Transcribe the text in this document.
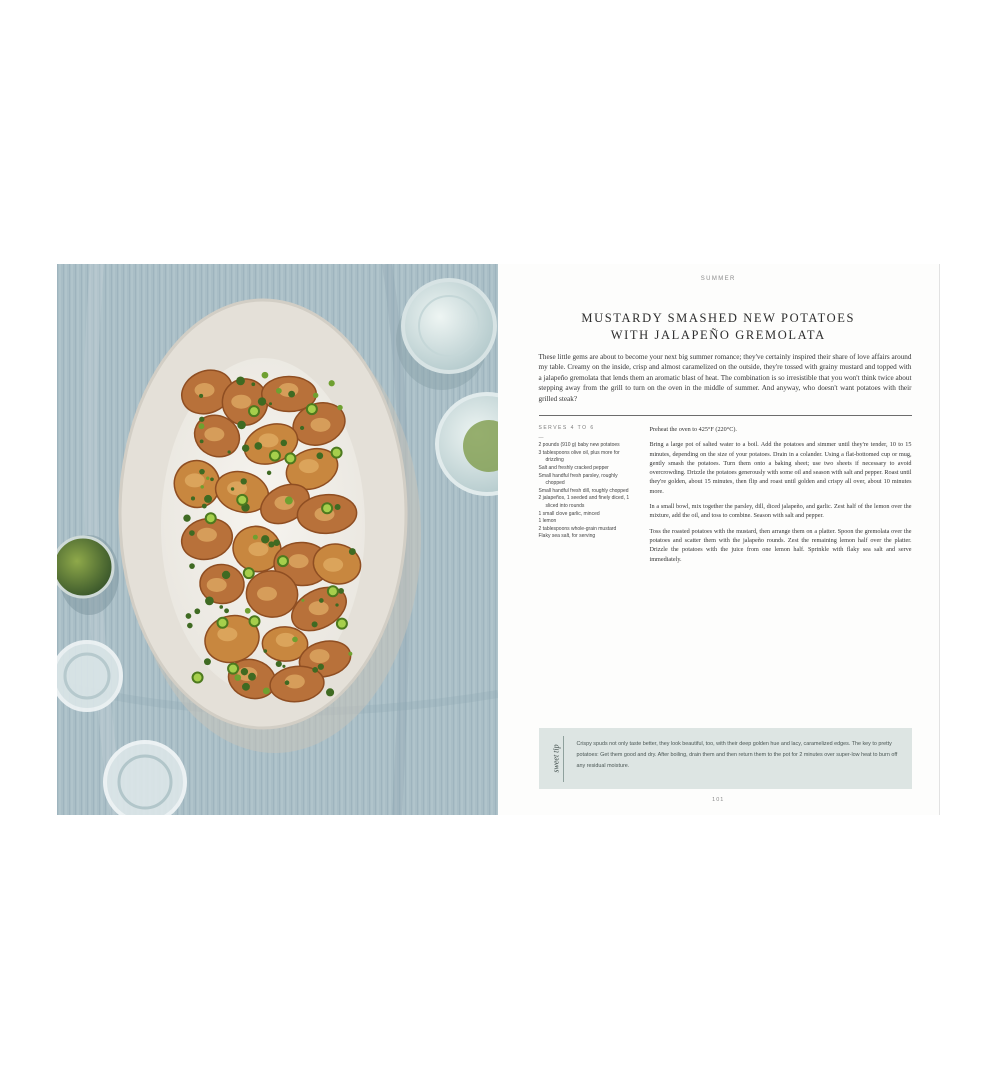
SUMMER
MUSTARDY SMASHED NEW POTATOES
WITH JALAPEÑO GREMOLATA

These little gems are about to become your next big summer romance; they've certainly inspired their share of love affairs around my table. Creamy on the inside, crisp and almost caramelized on the outside, they're tossed with grainy mustard and topped with a jalapeño gremolata that lends them an aromatic blast of heat. The combination is so irresistible that you won't think twice about stepping away from the grill to turn on the oven in the middle of summer. And anyway, who doesn't want potatoes with their grilled steak?

SERVES 4 TO 6
—
2 pounds (910 g) baby new potatoes
3 tablespoons olive oil, plus more for drizzling
Salt and freshly cracked pepper
Small handful fresh parsley, roughly chopped
Small handful fresh dill, roughly chopped
2 jalapeños, 1 seeded and finely diced, 1 sliced into rounds
1 small clove garlic, minced
1 lemon
2 tablespoons whole-grain mustard
Flaky sea salt, for serving

Preheat the oven to 425°F (220°C).

Bring a large pot of salted water to a boil. Add the potatoes and simmer until they're tender, 10 to 15 minutes, depending on the size of your potatoes. Drain in a colander. Using a flat-bottomed cup or mug, gently smash the potatoes. Turn them onto a baking sheet; use two sheets if necessary to avoid overcrowding. Drizzle the potatoes generously with some oil and season with salt and pepper. Roast until they're golden, about 15 minutes, then flip and roast until golden and crispy all over, about 10 minutes more.

In a small bowl, mix together the parsley, dill, diced jalapeño, and garlic. Zest half of the lemon over the mixture, add the oil, and toss to combine. Season with salt and pepper.

Toss the roasted potatoes with the mustard, then arrange them on a platter. Spoon the gremolata over the potatoes and scatter them with the jalapeño rounds. Zest the remaining lemon half over the platter. Drizzle the potatoes with the juice from one lemon half. Sprinkle with flaky sea salt and serve immediately.

sweet tip
Crispy spuds not only taste better, they look beautiful, too, with their deep golden hue and lacy, caramelized edges. The key to pretty potatoes: Get them good and dry. After boiling, drain them and then return them to the pot for 2 minutes over super-low heat to burn off any residual moisture.
101
